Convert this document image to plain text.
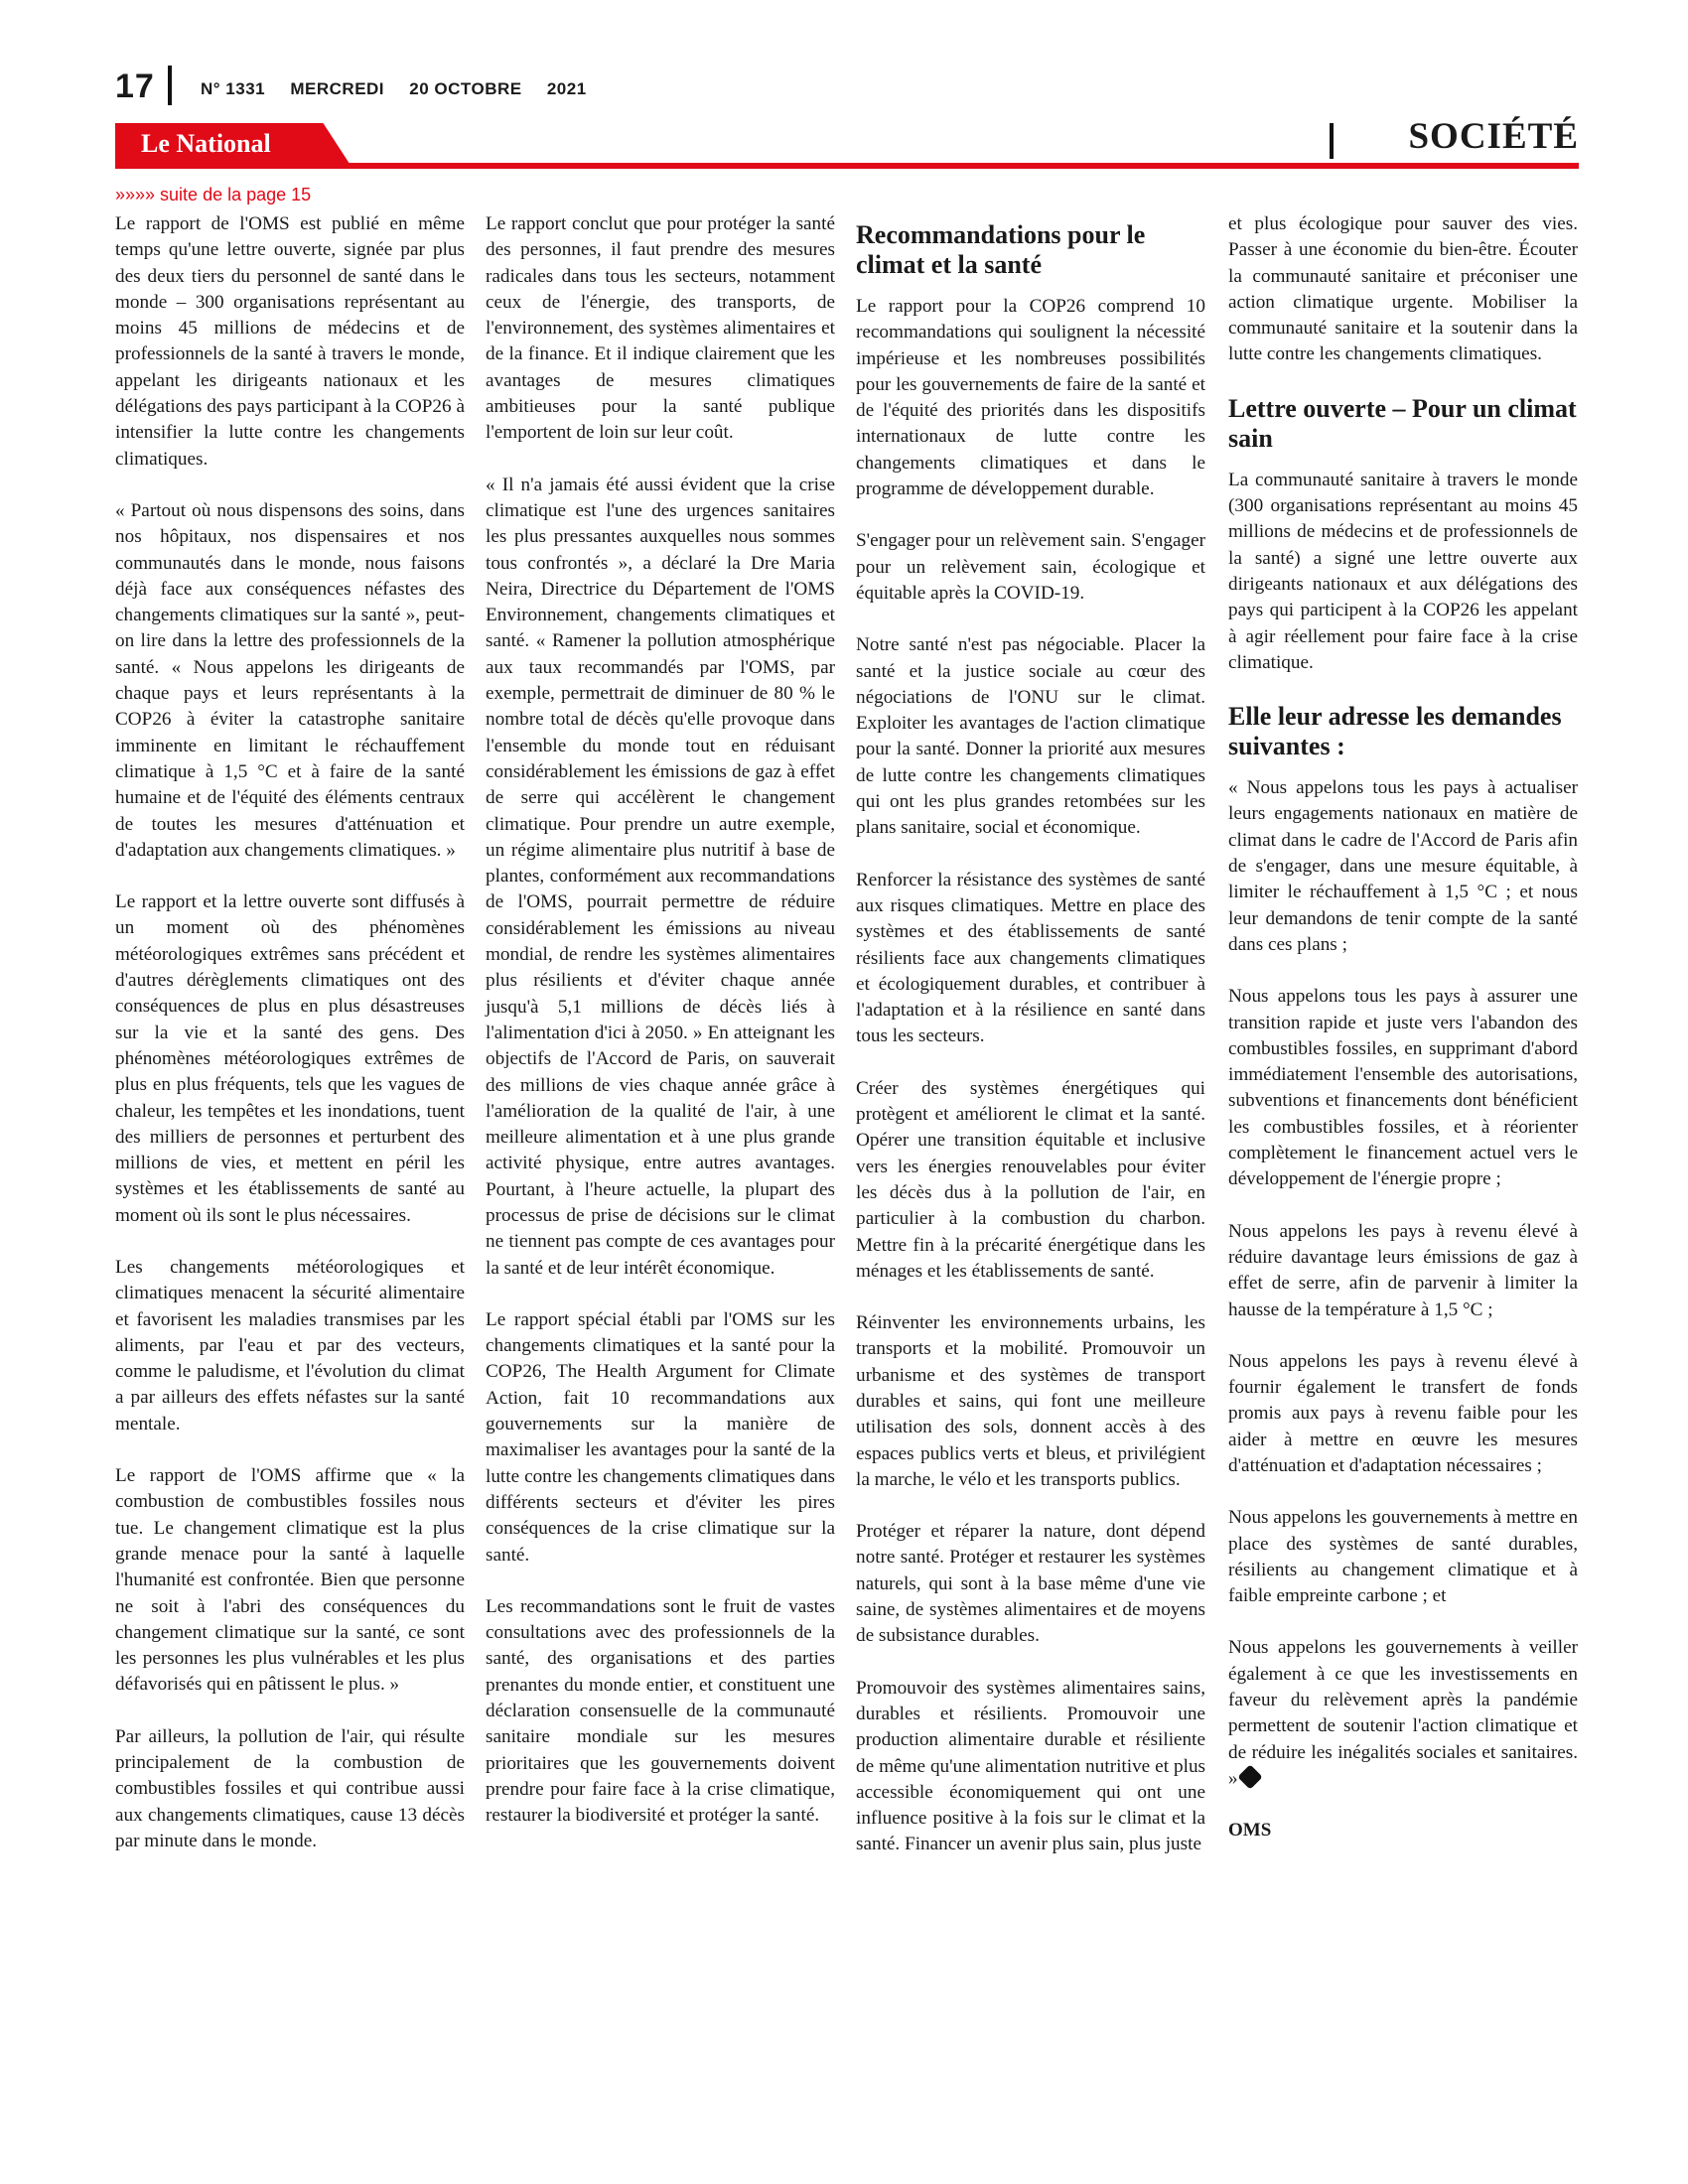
17	N° 1331 MERCREDI 20 OCTOBRE 2021
Le National	SOCIÉTÉ
»»»» suite de la page 15

Le rapport de l'OMS est publié en même temps qu'une lettre ouverte, signée par plus des deux tiers du personnel de santé dans le monde – 300 organisations représentant au moins 45 millions de médecins et de professionnels de la santé à travers le monde, appelant les dirigeants nationaux et les délégations des pays participant à la COP26 à intensifier la lutte contre les changements climatiques.

« Partout où nous dispensons des soins, dans nos hôpitaux, nos dispensaires et nos communautés dans le monde, nous faisons déjà face aux conséquences néfastes des changements climatiques sur la santé », peut-on lire dans la lettre des professionnels de la santé. « Nous appelons les dirigeants de chaque pays et leurs représentants à la COP26 à éviter la catastrophe sanitaire imminente en limitant le réchauffement climatique à 1,5 °C et à faire de la santé humaine et de l'équité des éléments centraux de toutes les mesures d'atténuation et d'adaptation aux changements climatiques. »

Le rapport et la lettre ouverte sont diffusés à un moment où des phénomènes météorologiques extrêmes sans précédent et d'autres dérèglements climatiques ont des conséquences de plus en plus désastreuses sur la vie et la santé des gens. Des phénomènes météorologiques extrêmes de plus en plus fréquents, tels que les vagues de chaleur, les tempêtes et les inondations, tuent des milliers de personnes et perturbent des millions de vies, et mettent en péril les systèmes et les établissements de santé au moment où ils sont le plus nécessaires.

Les changements météorologiques et climatiques menacent la sécurité alimentaire et favorisent les maladies transmises par les aliments, par l'eau et par des vecteurs, comme le paludisme, et l'évolution du climat a par ailleurs des effets néfastes sur la santé mentale.

Le rapport de l'OMS affirme que « la combustion de combustibles fossiles nous tue. Le changement climatique est la plus grande menace pour la santé à laquelle l'humanité est confrontée. Bien que personne ne soit à l'abri des conséquences du changement climatique sur la santé, ce sont les personnes les plus vulnérables et les plus défavorisés qui en pâtissent le plus. »

Par ailleurs, la pollution de l'air, qui résulte principalement de la combustion de combustibles fossiles et qui contribue aussi aux changements climatiques, cause 13 décès par minute dans le monde.

Le rapport conclut que pour protéger la santé des personnes, il faut prendre des mesures radicales dans tous les secteurs, notamment ceux de l'énergie, des transports, de l'environnement, des systèmes alimentaires et de la finance. Et il indique clairement que les avantages de mesures climatiques ambitieuses pour la santé publique l'emportent de loin sur leur coût.

« Il n'a jamais été aussi évident que la crise climatique est l'une des urgences sanitaires les plus pressantes auxquelles nous sommes tous confrontés », a déclaré la Dre Maria Neira, Directrice du Département de l'OMS Environnement, changements climatiques et santé. « Ramener la pollution atmosphérique aux taux recommandés par l'OMS, par exemple, permettrait de diminuer de 80 % le nombre total de décès qu'elle provoque dans l'ensemble du monde tout en réduisant considérablement les émissions de gaz à effet de serre qui accélèrent le changement climatique. Pour prendre un autre exemple, un régime alimentaire plus nutritif à base de plantes, conformément aux recommandations de l'OMS, pourrait permettre de réduire considérablement les émissions au niveau mondial, de rendre les systèmes alimentaires plus résilients et d'éviter chaque année jusqu'à 5,1 millions de décès liés à l'alimentation d'ici à 2050. » En atteignant les objectifs de l'Accord de Paris, on sauverait des millions de vies chaque année grâce à l'amélioration de la qualité de l'air, à une meilleure alimentation et à une plus grande activité physique, entre autres avantages. Pourtant, à l'heure actuelle, la plupart des processus de prise de décisions sur le climat ne tiennent pas compte de ces avantages pour la santé et de leur intérêt économique.

Le rapport spécial établi par l'OMS sur les changements climatiques et la santé pour la COP26, The Health Argument for Climate Action, fait 10 recommandations aux gouvernements sur la manière de maximaliser les avantages pour la santé de la lutte contre les changements climatiques dans différents secteurs et d'éviter les pires conséquences de la crise climatique sur la santé.

Les recommandations sont le fruit de vastes consultations avec des professionnels de la santé, des organisations et des parties prenantes du monde entier, et constituent une déclaration consensuelle de la communauté sanitaire mondiale sur les mesures prioritaires que les gouvernements doivent prendre pour faire face à la crise climatique, restaurer la biodiversité et protéger la santé.

Recommandations pour le climat et la santé

Le rapport pour la COP26 comprend 10 recommandations qui soulignent la nécessité impérieuse et les nombreuses possibilités pour les gouvernements de faire de la santé et de l'équité des priorités dans les dispositifs internationaux de lutte contre les changements climatiques et dans le programme de développement durable.

S'engager pour un relèvement sain. S'engager pour un relèvement sain, écologique et équitable après la COVID-19.

Notre santé n'est pas négociable. Placer la santé et la justice sociale au cœur des négociations de l'ONU sur le climat. Exploiter les avantages de l'action climatique pour la santé. Donner la priorité aux mesures de lutte contre les changements climatiques qui ont les plus grandes retombées sur les plans sanitaire, social et économique.

Renforcer la résistance des systèmes de santé aux risques climatiques. Mettre en place des systèmes et des établissements de santé résilients face aux changements climatiques et écologiquement durables, et contribuer à l'adaptation et à la résilience en santé dans tous les secteurs.

Créer des systèmes énergétiques qui protègent et améliorent le climat et la santé. Opérer une transition équitable et inclusive vers les énergies renouvelables pour éviter les décès dus à la pollution de l'air, en particulier à la combustion du charbon. Mettre fin à la précarité énergétique dans les ménages et les établissements de santé.

Réinventer les environnements urbains, les transports et la mobilité. Promouvoir un urbanisme et des systèmes de transport durables et sains, qui font une meilleure utilisation des sols, donnent accès à des espaces publics verts et bleus, et privilégient la marche, le vélo et les transports publics.

Protéger et réparer la nature, dont dépend notre santé. Protéger et restaurer les systèmes naturels, qui sont à la base même d'une vie saine, de systèmes alimentaires et de moyens de subsistance durables.

Promouvoir des systèmes alimentaires sains, durables et résilients. Promouvoir une production alimentaire durable et résiliente de même qu'une alimentation nutritive et plus accessible économiquement qui ont une influence positive à la fois sur le climat et la santé. Financer un avenir plus sain, plus juste

et plus écologique pour sauver des vies. Passer à une économie du bien-être. Écouter la communauté sanitaire et préconiser une action climatique urgente. Mobiliser la communauté sanitaire et la soutenir dans la lutte contre les changements climatiques.

Lettre ouverte – Pour un climat sain

La communauté sanitaire à travers le monde (300 organisations représentant au moins 45 millions de médecins et de professionnels de la santé) a signé une lettre ouverte aux dirigeants nationaux et aux délégations des pays qui participent à la COP26 les appelant à agir réellement pour faire face à la crise climatique.

Elle leur adresse les demandes suivantes :

« Nous appelons tous les pays à actualiser leurs engagements nationaux en matière de climat dans le cadre de l'Accord de Paris afin de s'engager, dans une mesure équitable, à limiter le réchauffement à 1,5 °C ; et nous leur demandons de tenir compte de la santé dans ces plans ;

Nous appelons tous les pays à assurer une transition rapide et juste vers l'abandon des combustibles fossiles, en supprimant d'abord immédiatement l'ensemble des autorisations, subventions et financements dont bénéficient les combustibles fossiles, et à réorienter complètement le financement actuel vers le développement de l'énergie propre ;

Nous appelons les pays à revenu élevé à réduire davantage leurs émissions de gaz à effet de serre, afin de parvenir à limiter la hausse de la température à 1,5 °C ;

Nous appelons les pays à revenu élevé à fournir également le transfert de fonds promis aux pays à revenu faible pour les aider à mettre en œuvre les mesures d'atténuation et d'adaptation nécessaires ;

Nous appelons les gouvernements à mettre en place des systèmes de santé durables, résilients au changement climatique et à faible empreinte carbone ; et

Nous appelons les gouvernements à veiller également à ce que les investissements en faveur du relèvement après la pandémie permettent de soutenir l'action climatique et de réduire les inégalités sociales et sanitaires. »

OMS
